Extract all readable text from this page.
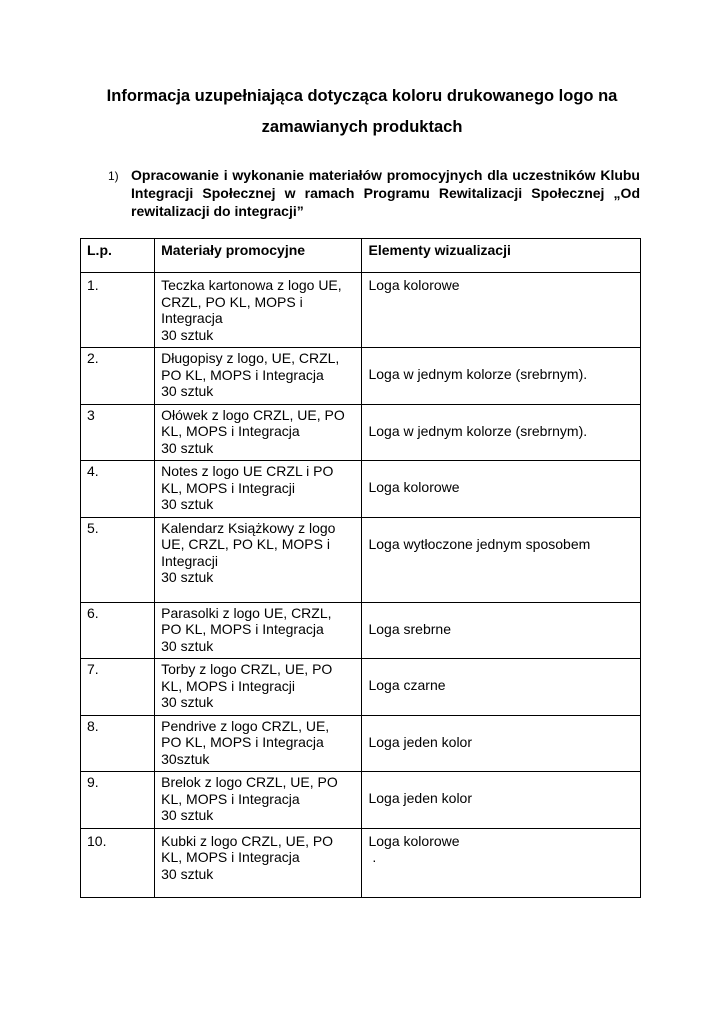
Informacja uzupełniająca dotycząca koloru drukowanego logo na
zamawianych produktach
1) Opracowanie i wykonanie materiałów promocyjnych dla uczestników Klubu Integracji Społecznej w ramach Programu Rewitalizacji Społecznej „Od rewitalizacji do integracji”
L.p.	Materiały promocyjne	Elementy wizualizacji
1.	Teczka kartonowa z logo UE,
CRZL, PO KL, MOPS i
Integracja
30 sztuk	Loga kolorowe
2.	Długopisy z logo, UE, CRZL,
PO KL, MOPS i Integracja
30 sztuk	Loga w jednym kolorze (srebrnym).
3	Ołówek z logo CRZL, UE, PO
KL, MOPS i Integracja
30 sztuk	Loga w jednym kolorze (srebrnym).
4.	Notes z logo UE CRZL i PO
KL, MOPS i Integracji
30 sztuk	Loga kolorowe
5.	Kalendarz Książkowy z logo
UE, CRZL, PO KL, MOPS i
Integracji
30 sztuk	Loga wytłoczone jednym sposobem
6.	Parasolki z logo UE, CRZL,
PO KL, MOPS i Integracja
30 sztuk	Loga srebrne
7.	Torby z logo CRZL, UE, PO
KL, MOPS i Integracji
30 sztuk	Loga czarne
8.	Pendrive z logo CRZL, UE,
PO KL, MOPS i Integracja
30sztuk	Loga jeden kolor
9.	Brelok z logo CRZL, UE, PO
KL, MOPS i Integracja
30 sztuk	Loga jeden kolor
10.	Kubki z logo CRZL, UE, PO
KL, MOPS i Integracja
30 sztuk	Loga kolorowe
.
